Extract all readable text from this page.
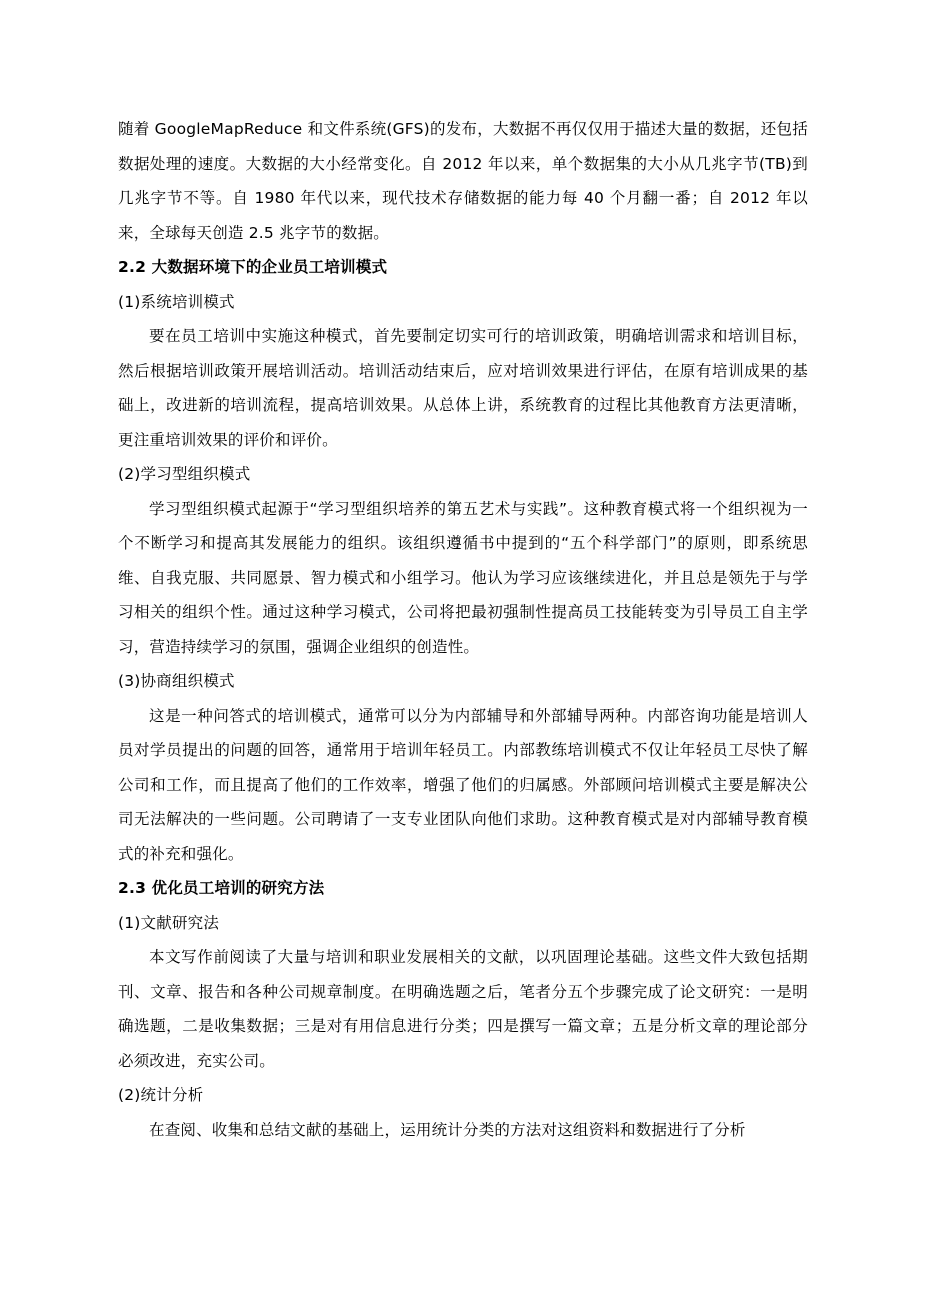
随着 GoogleMapReduce 和文件系统(GFS)的发布，大数据不再仅仅用于描述大量的数据，还包括数据处理的速度。大数据的大小经常变化。自 2012 年以来，单个数据集的大小从几兆字节(TB)到几兆字节不等。自 1980 年代以来，现代技术存储数据的能力每 40 个月翻一番；自 2012 年以来，全球每天创造 2.5 兆字节的数据。

2.2 大数据环境下的企业员工培训模式

(1)系统培训模式

要在员工培训中实施这种模式，首先要制定切实可行的培训政策，明确培训需求和培训目标，然后根据培训政策开展培训活动。培训活动结束后，应对培训效果进行评估，在原有培训成果的基础上，改进新的培训流程，提高培训效果。从总体上讲，系统教育的过程比其他教育方法更清晰，更注重培训效果的评价和评价。

(2)学习型组织模式

学习型组织模式起源于“学习型组织培养的第五艺术与实践”。这种教育模式将一个组织视为一个不断学习和提高其发展能力的组织。该组织遵循书中提到的“五个科学部门”的原则，即系统思维、自我克服、共同愿景、智力模式和小组学习。他认为学习应该继续进化，并且总是领先于与学习相关的组织个性。通过这种学习模式，公司将把最初强制性提高员工技能转变为引导员工自主学习，营造持续学习的氛围，强调企业组织的创造性。

(3)协商组织模式

这是一种问答式的培训模式，通常可以分为内部辅导和外部辅导两种。内部咨询功能是培训人员对学员提出的问题的回答，通常用于培训年轻员工。内部教练培训模式不仅让年轻员工尽快了解公司和工作，而且提高了他们的工作效率，增强了他们的归属感。外部顾问培训模式主要是解决公司无法解决的一些问题。公司聘请了一支专业团队向他们求助。这种教育模式是对内部辅导教育模式的补充和强化。

2.3 优化员工培训的研究方法

(1)文献研究法

本文写作前阅读了大量与培训和职业发展相关的文献，以巩固理论基础。这些文件大致包括期刊、文章、报告和各种公司规章制度。在明确选题之后，笔者分五个步骤完成了论文研究：一是明确选题，二是收集数据；三是对有用信息进行分类；四是撰写一篇文章；五是分析文章的理论部分必须改进，充实公司。

(2)统计分析

在查阅、收集和总结文献的基础上，运用统计分类的方法对这组资料和数据进行了分析
